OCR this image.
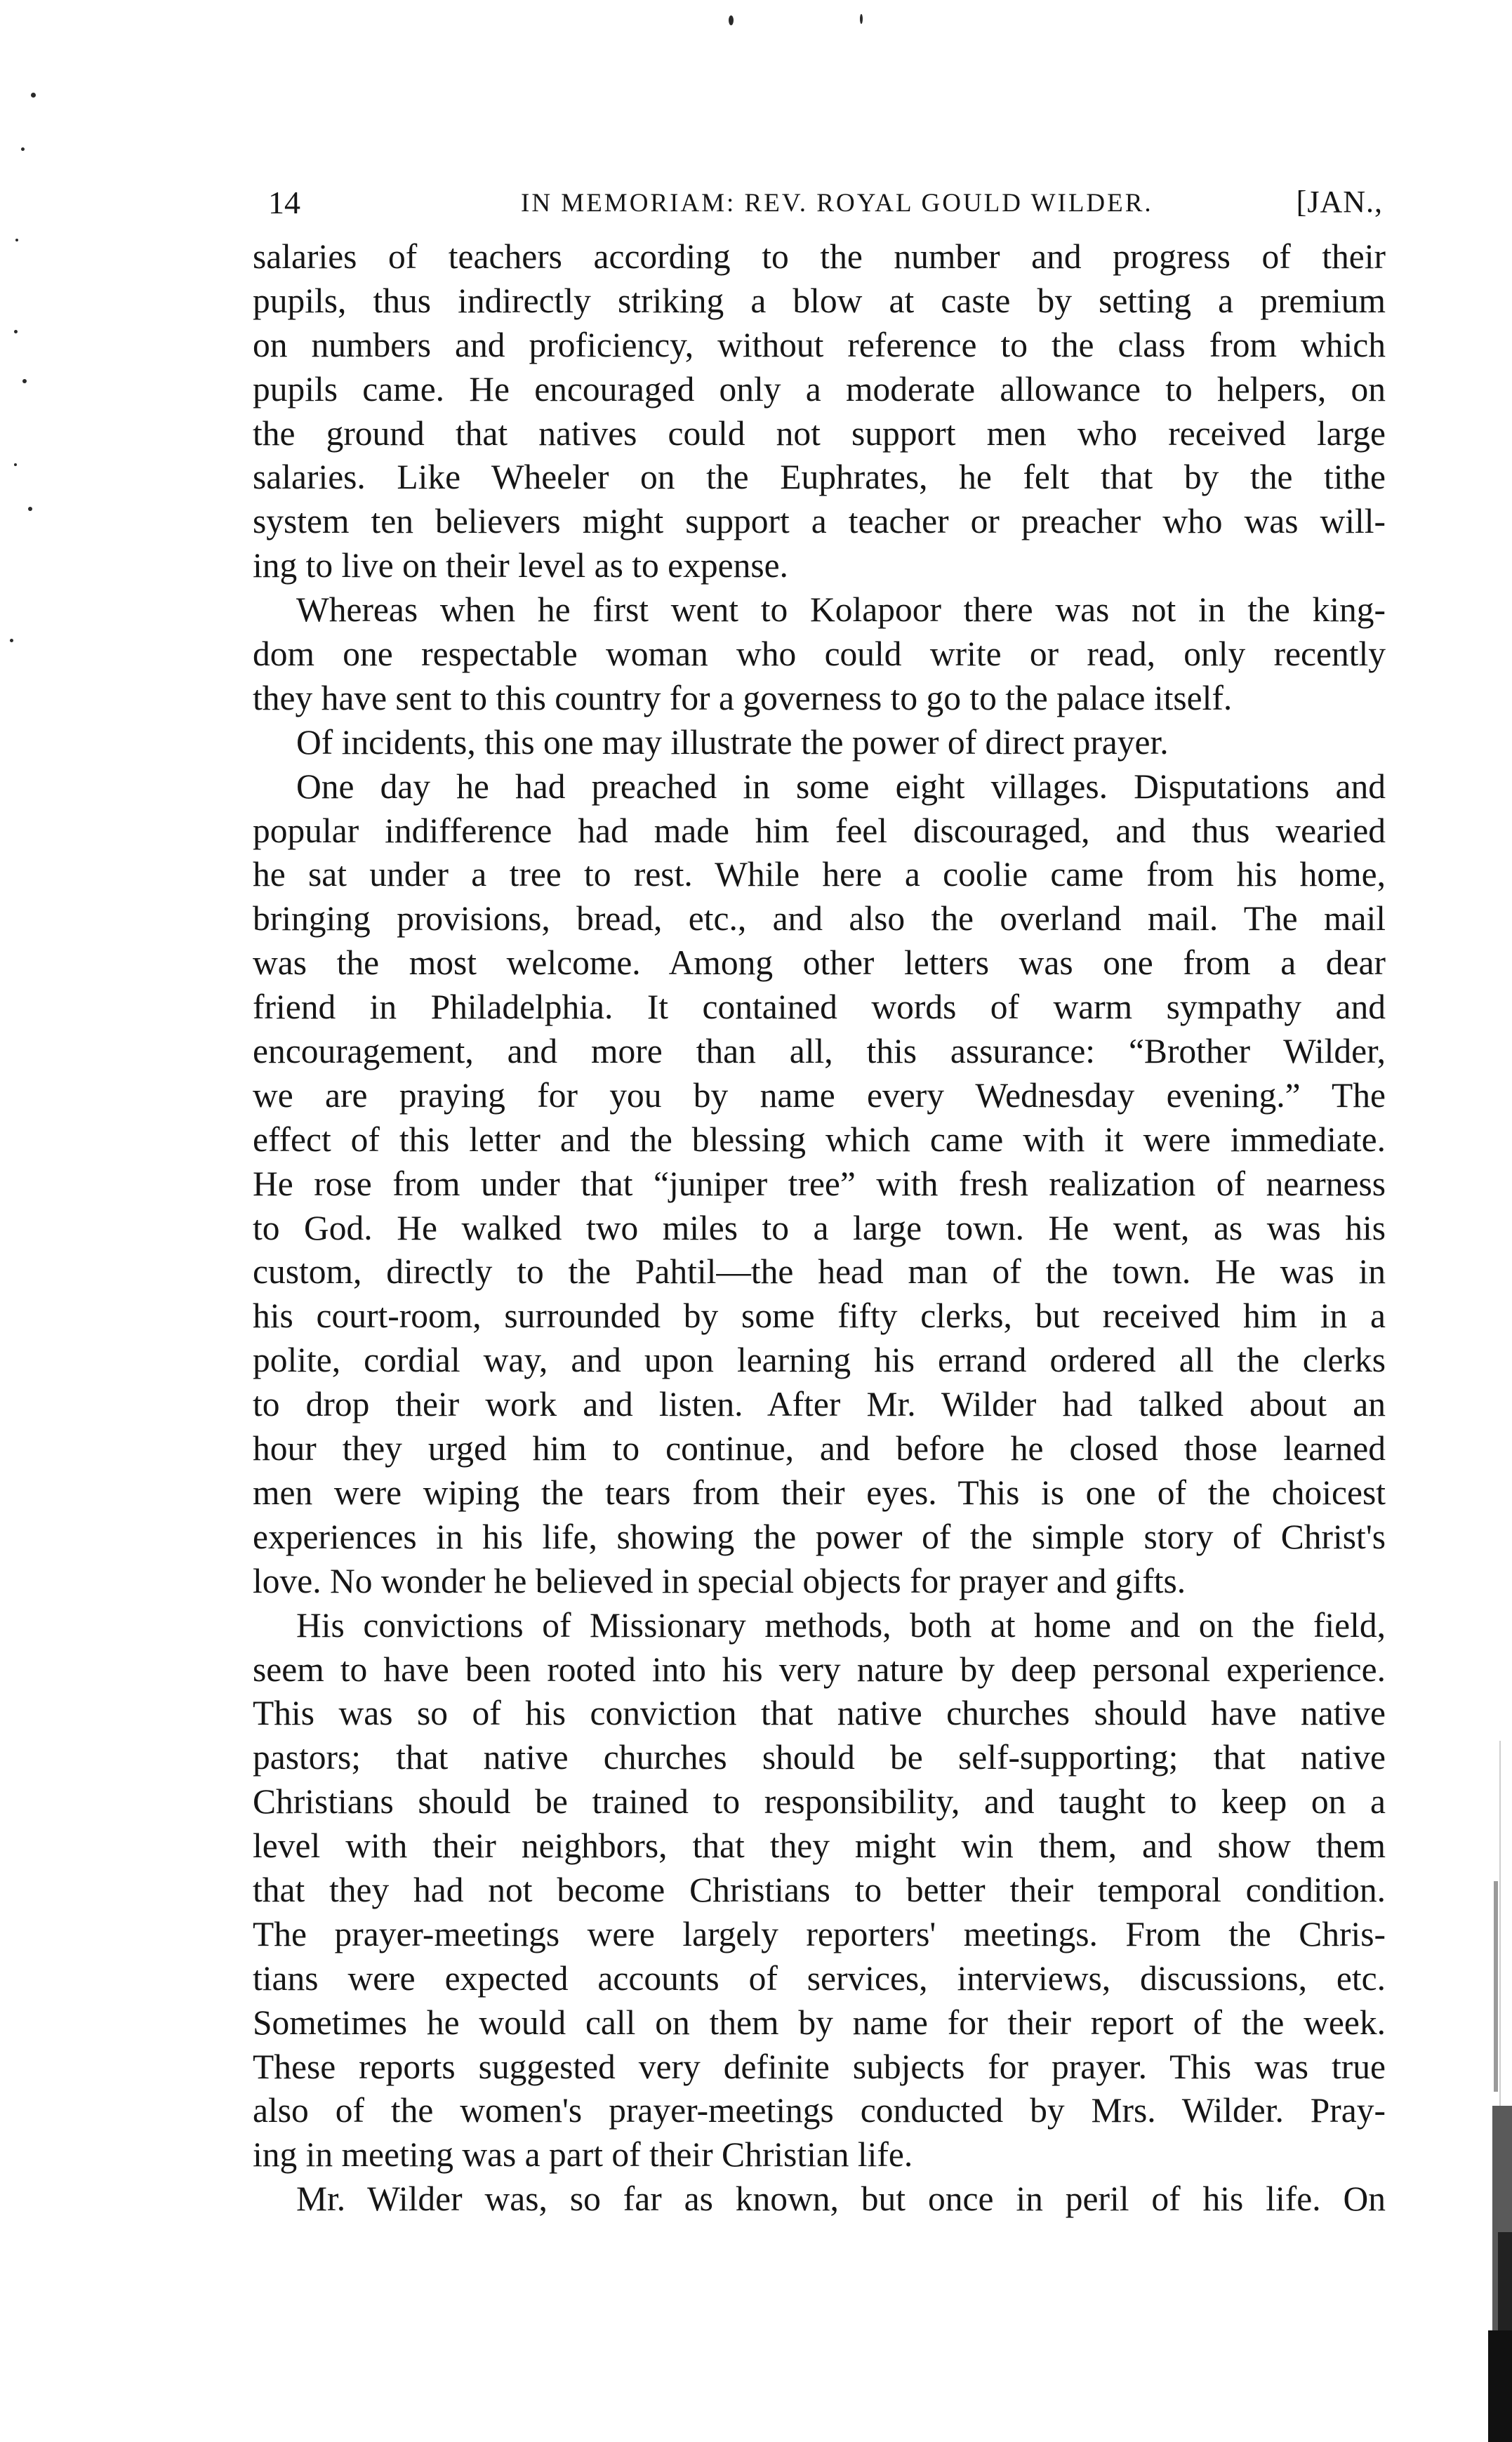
14	IN MEMORIAM: REV. ROYAL GOULD WILDER.	[JAN.,
salaries of teachers according to the number and progress of their
pupils, thus indirectly striking a blow at caste by setting a premium
on numbers and proficiency, without reference to the class from which
pupils came. He encouraged only a moderate allowance to helpers, on
the ground that natives could not support men who received large
salaries. Like Wheeler on the Euphrates, he felt that by the tithe
system ten believers might support a teacher or preacher who was will-
ing to live on their level as to expense.
Whereas when he first went to Kolapoor there was not in the king-
dom one respectable woman who could write or read, only recently
they have sent to this country for a governess to go to the palace itself.
Of incidents, this one may illustrate the power of direct prayer.
One day he had preached in some eight villages. Disputations and
popular indifference had made him feel discouraged, and thus wearied
he sat under a tree to rest. While here a coolie came from his home,
bringing provisions, bread, etc., and also the overland mail. The mail
was the most welcome. Among other letters was one from a dear
friend in Philadelphia. It contained words of warm sympathy and
encouragement, and more than all, this assurance: “Brother Wilder,
we are praying for you by name every Wednesday evening.” The
effect of this letter and the blessing which came with it were immediate.
He rose from under that “juniper tree” with fresh realization of nearness
to God. He walked two miles to a large town. He went, as was his
custom, directly to the Pahtil—the head man of the town. He was in
his court-room, surrounded by some fifty clerks, but received him in a
polite, cordial way, and upon learning his errand ordered all the clerks
to drop their work and listen. After Mr. Wilder had talked about an
hour they urged him to continue, and before he closed those learned
men were wiping the tears from their eyes. This is one of the choicest
experiences in his life, showing the power of the simple story of Christ's
love. No wonder he believed in special objects for prayer and gifts.
His convictions of Missionary methods, both at home and on the field,
seem to have been rooted into his very nature by deep personal experience.
This was so of his conviction that native churches should have native
pastors; that native churches should be self-supporting; that native
Christians should be trained to responsibility, and taught to keep on a
level with their neighbors, that they might win them, and show them
that they had not become Christians to better their temporal condition.
The prayer-meetings were largely reporters' meetings. From the Chris-
tians were expected accounts of services, interviews, discussions, etc.
Sometimes he would call on them by name for their report of the week.
These reports suggested very definite subjects for prayer. This was true
also of the women's prayer-meetings conducted by Mrs. Wilder. Pray-
ing in meeting was a part of their Christian life.
Mr. Wilder was, so far as known, but once in peril of his life. On
